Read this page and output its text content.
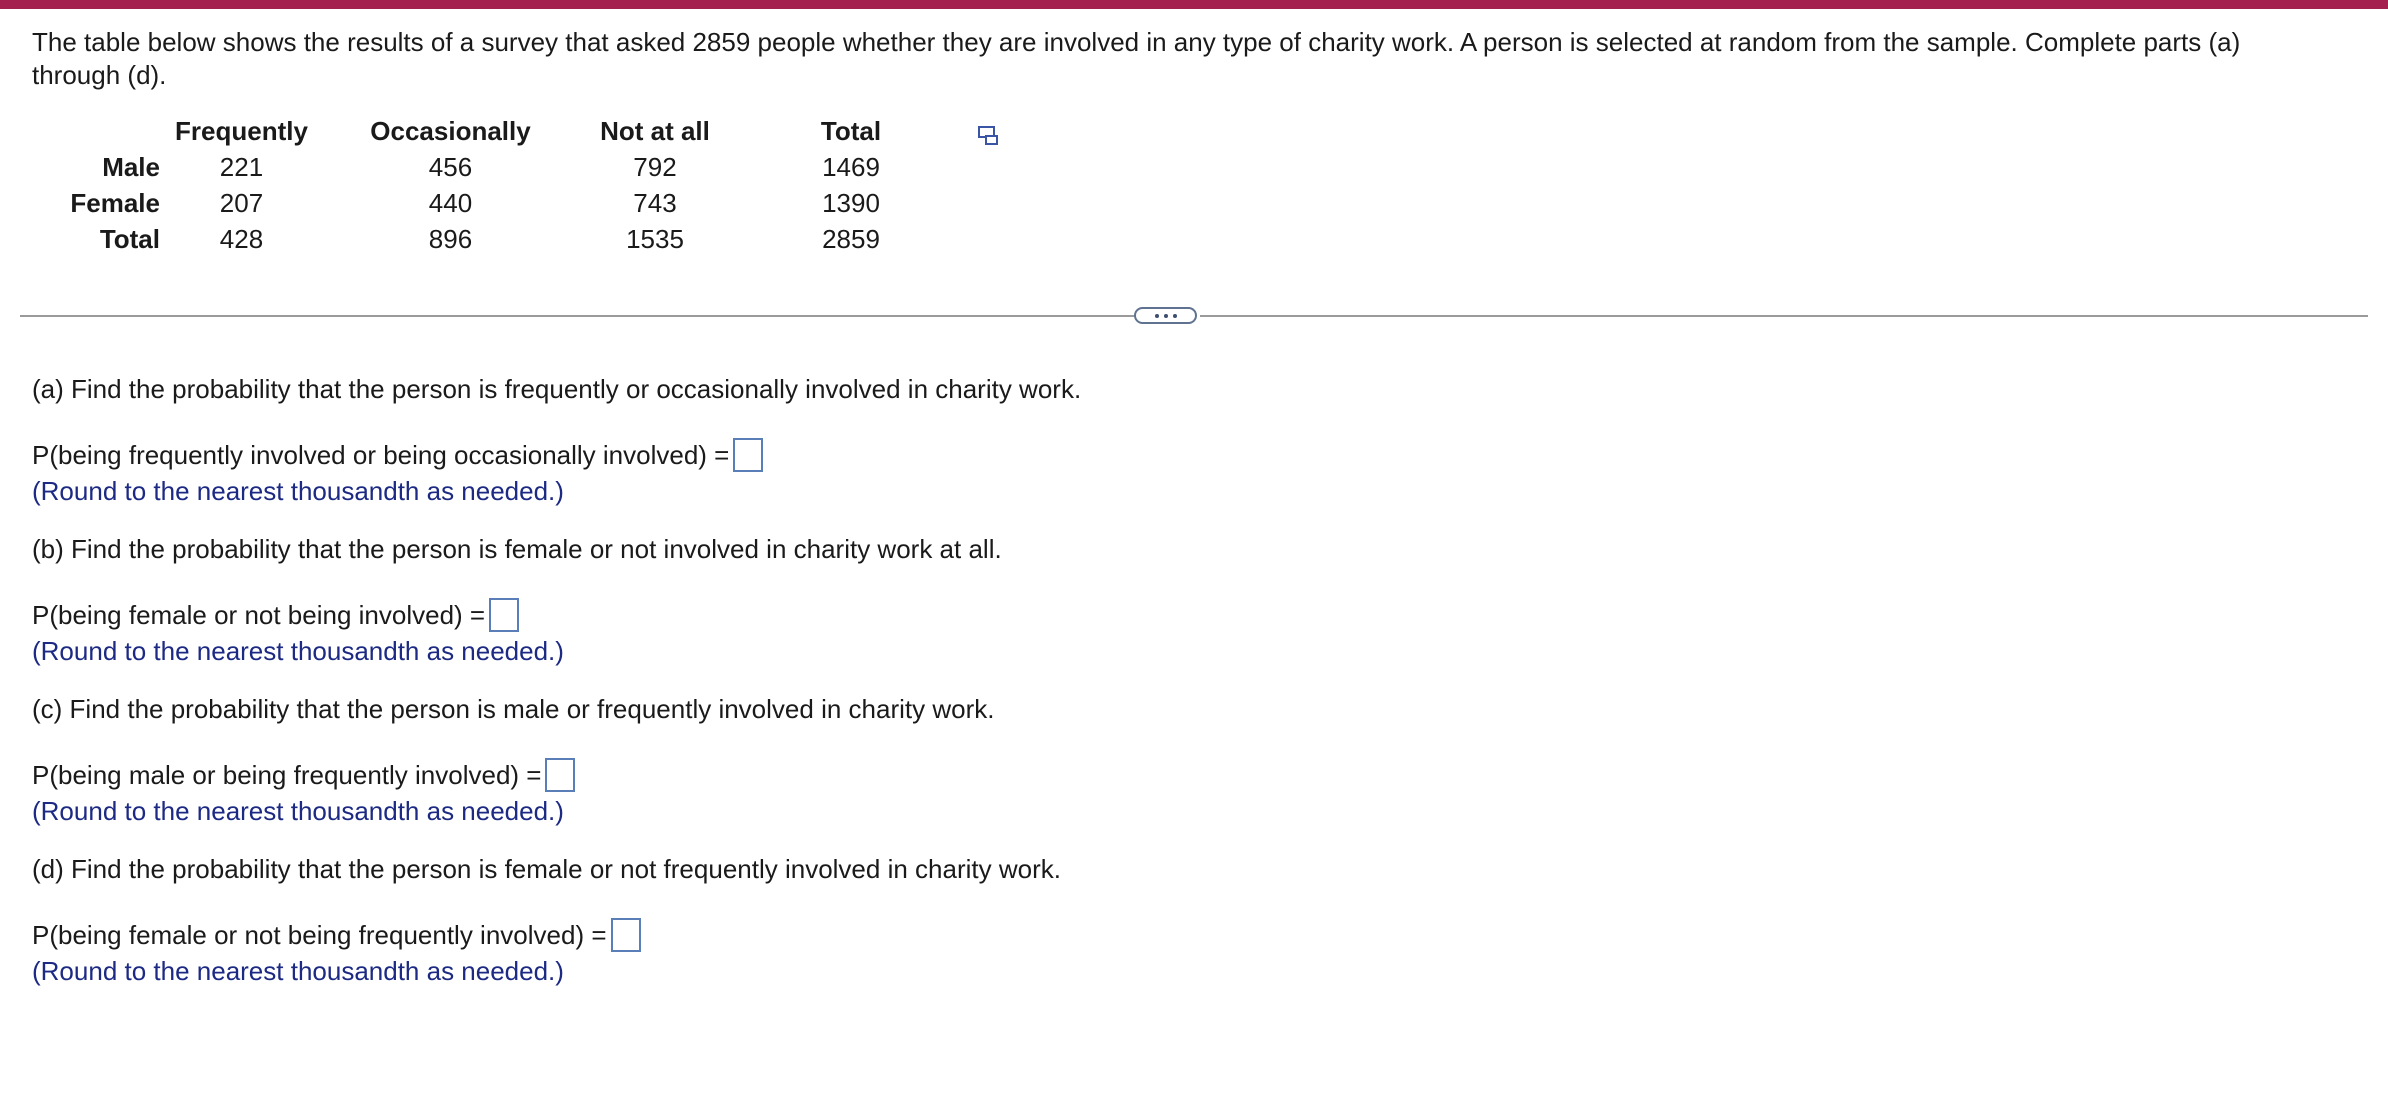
The table below shows the results of a survey that asked 2859 people whether they are involved in any type of charity work. A person is selected at random from the sample. Complete parts (a) through (d).
	Frequently	Occasionally	Not at all	Total
Male	221	456	792	1469
Female	207	440	743	1390
Total	428	896	1535	2859
(a) Find the probability that the person is frequently or occasionally involved in charity work.
P(being frequently involved or being occasionally involved) =
(Round to the nearest thousandth as needed.)
(b) Find the probability that the person is female or not involved in charity work at all.
P(being female or not being involved) =
(Round to the nearest thousandth as needed.)
(c) Find the probability that the person is male or frequently involved in charity work.
P(being male or being frequently involved) =
(Round to the nearest thousandth as needed.)
(d) Find the probability that the person is female or not frequently involved in charity work.
P(being female or not being frequently involved) =
(Round to the nearest thousandth as needed.)
